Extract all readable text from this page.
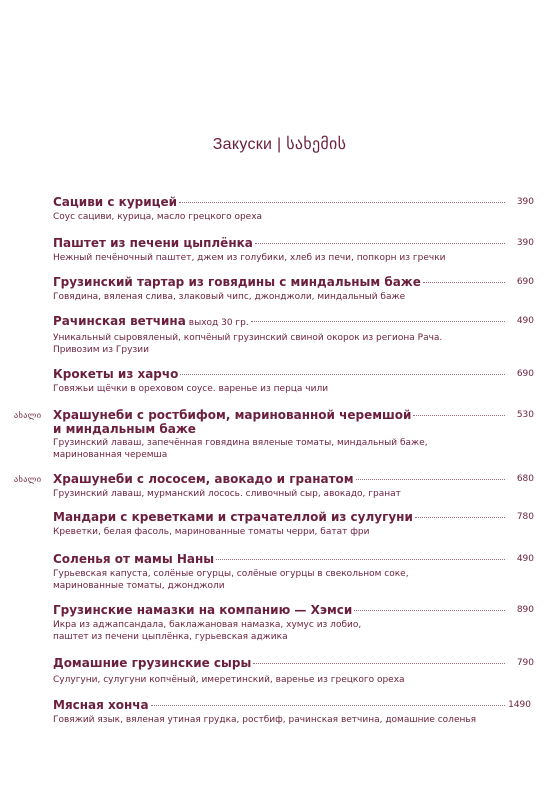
Закуски | სახემის
Сациви с курицей	390
Соус сациви, курица, масло грецкого ореха
Паштет из печени цыплёнка	390
Нежный печёночный паштет, джем из голубики, хлеб из печи, попкорн из гречки
Грузинский тартар из говядины с миндальным баже	690
Говядина, вяленая слива, злаковый чипс, джонджоли, миндальный баже
Рачинская ветчина выход 30 гр.	490
Уникальный сыровяленый, копчёный грузинский свиной окорок из региона Рача.
Привозим из Грузии
Крокеты из харчо	690
Говяжьи щёчки в ореховом соусе. варенье из перца чили
ახალი Храшунеби с ростбифом, маринованной черемшой	530
и миндальным баже
Грузинский лаваш, запечённая говядина вяленые томаты, миндальный баже,
маринованная черемша
ახალი Храшунеби с лососем, авокадо и гранатом	680
Грузинский лаваш, мурманский лосось. сливочный сыр, авокадо, гранат
Мандари с креветками и страчателлой из сулугуни	780
Креветки, белая фасоль, маринованные томаты черри, батат фри
Соленья от мамы Наны	490
Гурьевская капуста, солёные огурцы, солёные огурцы в свекольном соке,
маринованные томаты, джонджоли
Грузинские намазки на компанию — Хэмси	890
Икра из аджапсандала, баклажановая намазка, хумус из лобио,
паштет из печени цыплёнка, гурьевская аджика
Домашние грузинские сыры	790
Сулугуни, сулугуни копчёный, имеретинский, варенье из грецкого ореха
Мясная хонча	1490
Говяжий язык, вяленая утиная грудка, ростбиф, рачинская ветчина, домашние соленья
